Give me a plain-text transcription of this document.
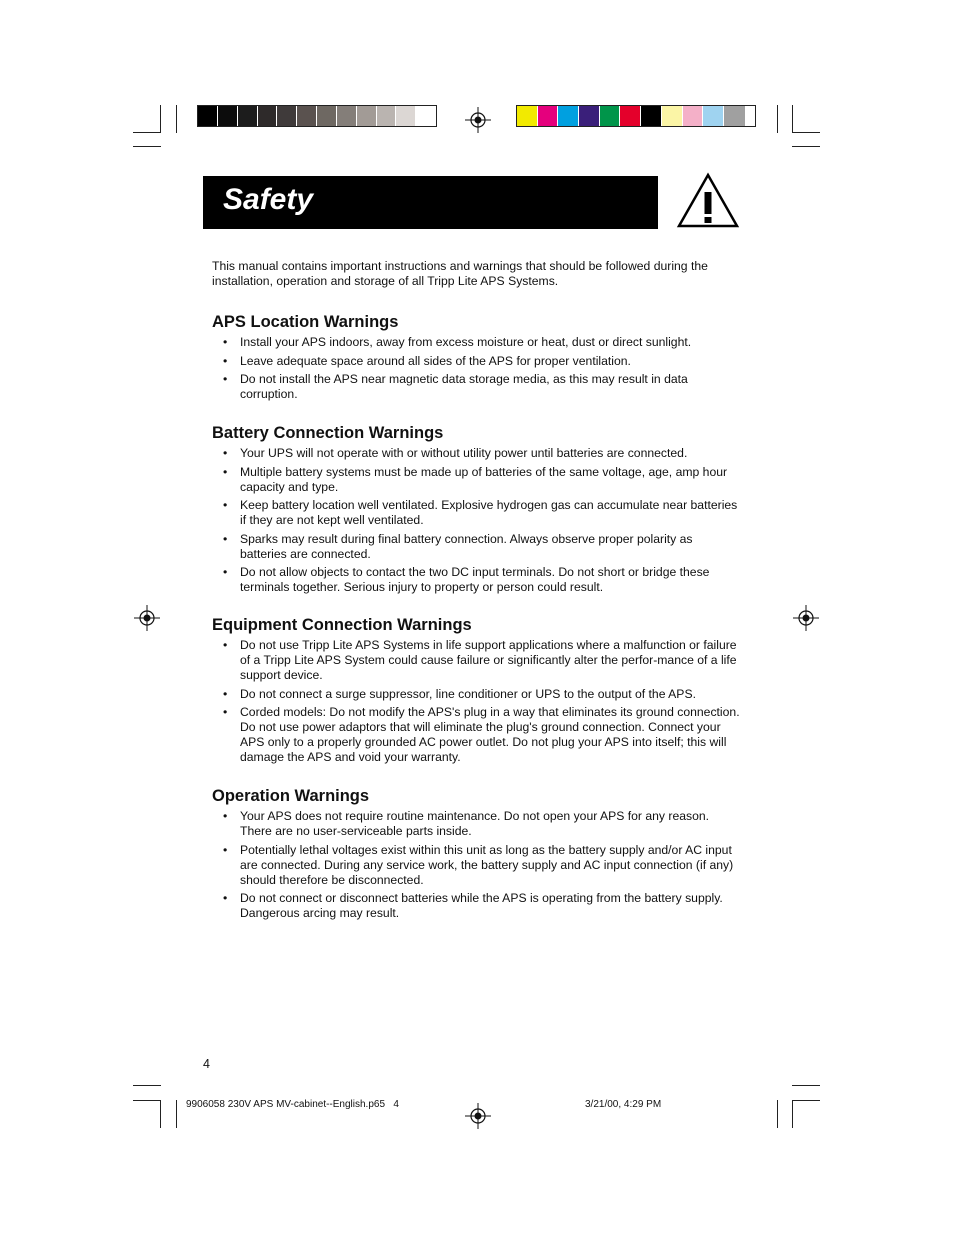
Safety

This manual contains important instructions and warnings that should be followed during the installation, operation and storage of all Tripp Lite APS Systems.

APS Location Warnings
• Install your APS indoors, away from excess moisture or heat, dust or direct sunlight.
• Leave adequate space around all sides of the APS for proper ventilation.
• Do not install the APS near magnetic data storage media, as this may result in data corruption.
Battery Connection Warnings
• Your UPS will not operate with or without utility power until batteries are connected.
• Multiple battery systems must be made up of batteries of the same voltage, age, amp hour capacity and type.
• Keep battery location well ventilated. Explosive hydrogen gas can accumulate near batteries if they are not kept well ventilated.
• Sparks may result during final battery connection. Always observe proper polarity as batteries are connected.
• Do not allow objects to contact the two DC input terminals. Do not short or bridge these terminals together. Serious injury to property or person could result.
Equipment Connection Warnings
• Do not use Tripp Lite APS Systems in life support applications where a malfunction or failure of a Tripp Lite APS System could cause failure or significantly alter the perfor-mance of a life support device.
• Do not connect a surge suppressor, line conditioner or UPS to the output of the APS.
• Corded models: Do not modify the APS's plug in a way that eliminates its ground connection. Do not use power adaptors that will eliminate the plug's ground connection. Connect your APS only to a properly grounded AC power outlet. Do not plug your APS into itself; this will damage the APS and void your warranty.
Operation Warnings
• Your APS does not require routine maintenance. Do not open your APS for any reason. There are no user-serviceable parts inside.
• Potentially lethal voltages exist within this unit as long as the battery supply and/or AC input are connected. During any service work, the battery supply and AC input connection (if any) should therefore be disconnected.
• Do not connect or disconnect batteries while the APS is operating from the battery supply. Dangerous arcing may result.
4
9906058 230V APS MV-cabinet--English.p65   4	3/21/00, 4:29 PM
